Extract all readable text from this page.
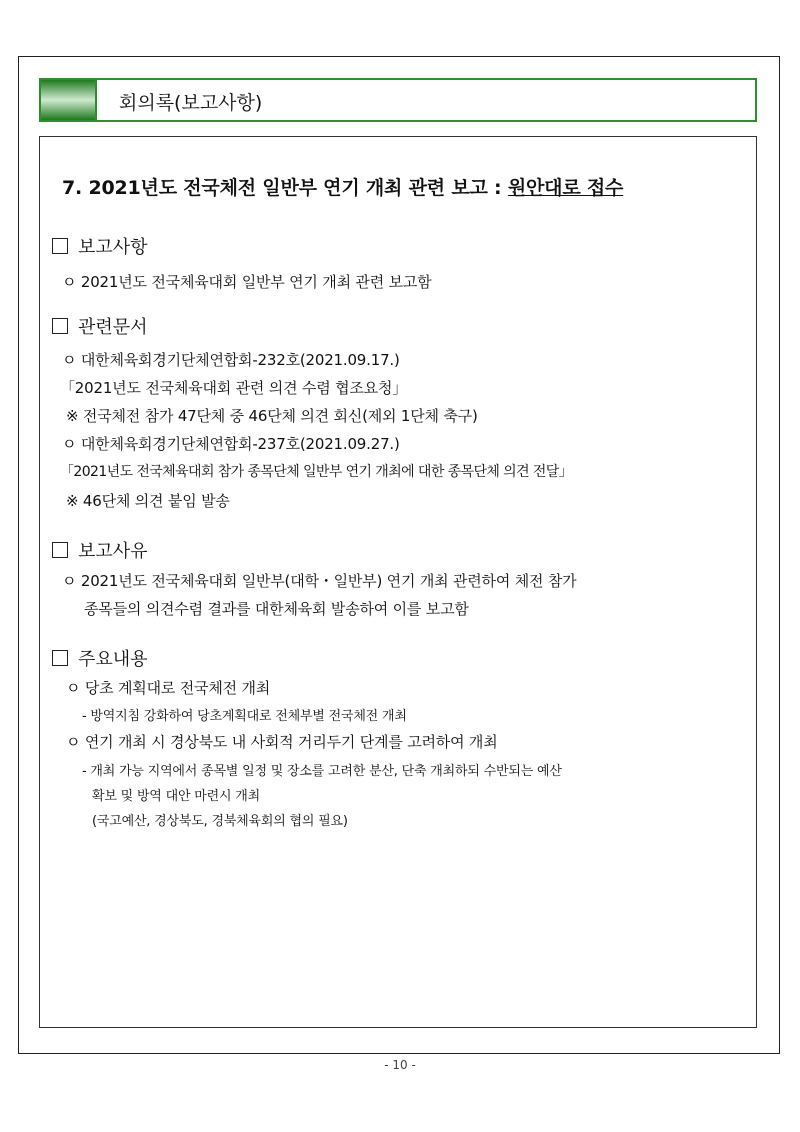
회의록(보고사항)
7. 2021년도 전국체전 일반부 연기 개최 관련 보고 : 원안대로 접수
보고사항
ㅇ 2021년도 전국체육대회 일반부 연기 개최 관련 보고함
관련문서
ㅇ 대한체육회경기단체연합회-232호(2021.09.17.)
「2021년도 전국체육대회 관련 의견 수렴 협조요청」
※ 전국체전 참가 47단체 중 46단체 의견 회신(제외 1단체 축구)
ㅇ 대한체육회경기단체연합회-237호(2021.09.27.)
「2021년도 전국체육대회 참가 종목단체 일반부 연기 개최에 대한 종목단체 의견 전달」
※ 46단체 의견 붙임 발송
보고사유
ㅇ 2021년도 전국체육대회 일반부(대학・일반부) 연기 개최 관련하여 체전 참가
종목들의 의견수렴 결과를 대한체육회 발송하여 이를 보고함
주요내용
ㅇ 당초 계획대로 전국체전 개최
- 방역지침 강화하여 당초계획대로 전체부별 전국체전 개최
ㅇ 연기 개최 시 경상북도 내 사회적 거리두기 단계를 고려하여 개최
- 개최 가능 지역에서 종목별 일정 및 장소를 고려한 분산, 단축 개최하되 수반되는 예산
확보 및 방역 대안 마련시 개최
(국고예산, 경상북도, 경북체육회의 협의 필요)
- 10 -
